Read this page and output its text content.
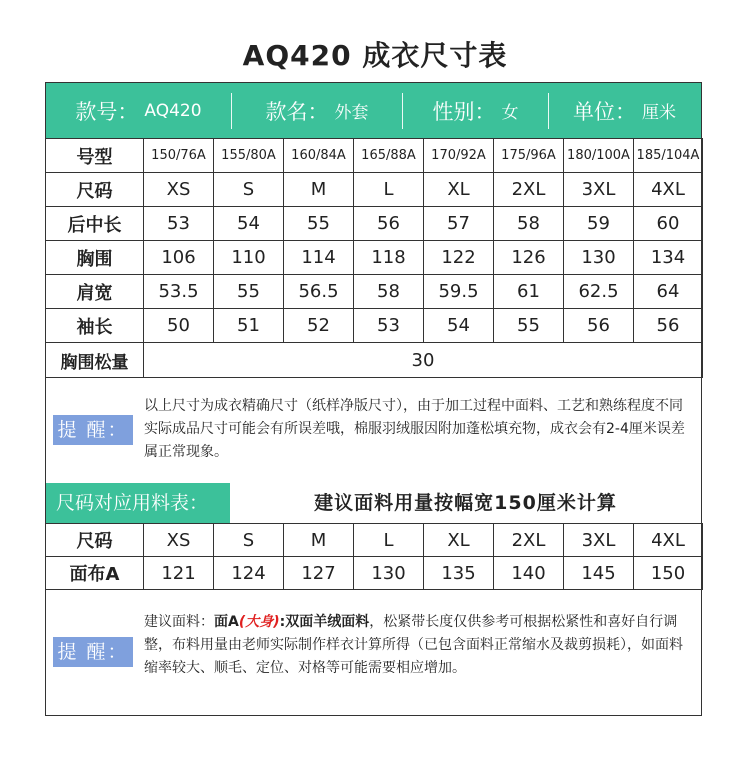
AQ420 成衣尺寸表
款号： AQ420	款名： 外套	性别： 女	单位： 厘米
号型	150/76A	155/80A	160/84A	165/88A	170/92A	175/96A	180/100A	185/104A
尺码	XS	S	M	L	XL	2XL	3XL	4XL
后中长	53	54	55	56	57	58	59	60
胸围	106	110	114	118	122	126	130	134
肩宽	53.5	55	56.5	58	59.5	61	62.5	64
袖长	50	51	52	53	54	55	56	56
胸围松量	30							
提 醒：
以上尺寸为成衣精确尺寸（纸样净版尺寸），由于加工过程中面料、工艺和熟练程度不同实际成品尺寸可能会有所误差哦，棉服羽绒服因附加蓬松填充物，成衣会有2-4厘米误差属正常现象。
尺码对应用料表：	建议面料用量按幅宽150厘米计算
尺码	XS	S	M	L	XL	2XL	3XL	4XL
面布A	121	124	127	130	135	140	145	150
提 醒：
建议面料：面A(大身):双面羊绒面料，松紧带长度仅供参考可根据松紧性和喜好自行调整，布料用量由老师实际制作样衣计算所得（已包含面料正常缩水及裁剪损耗），如面料缩率较大、顺毛、定位、对格等可能需要相应增加。
